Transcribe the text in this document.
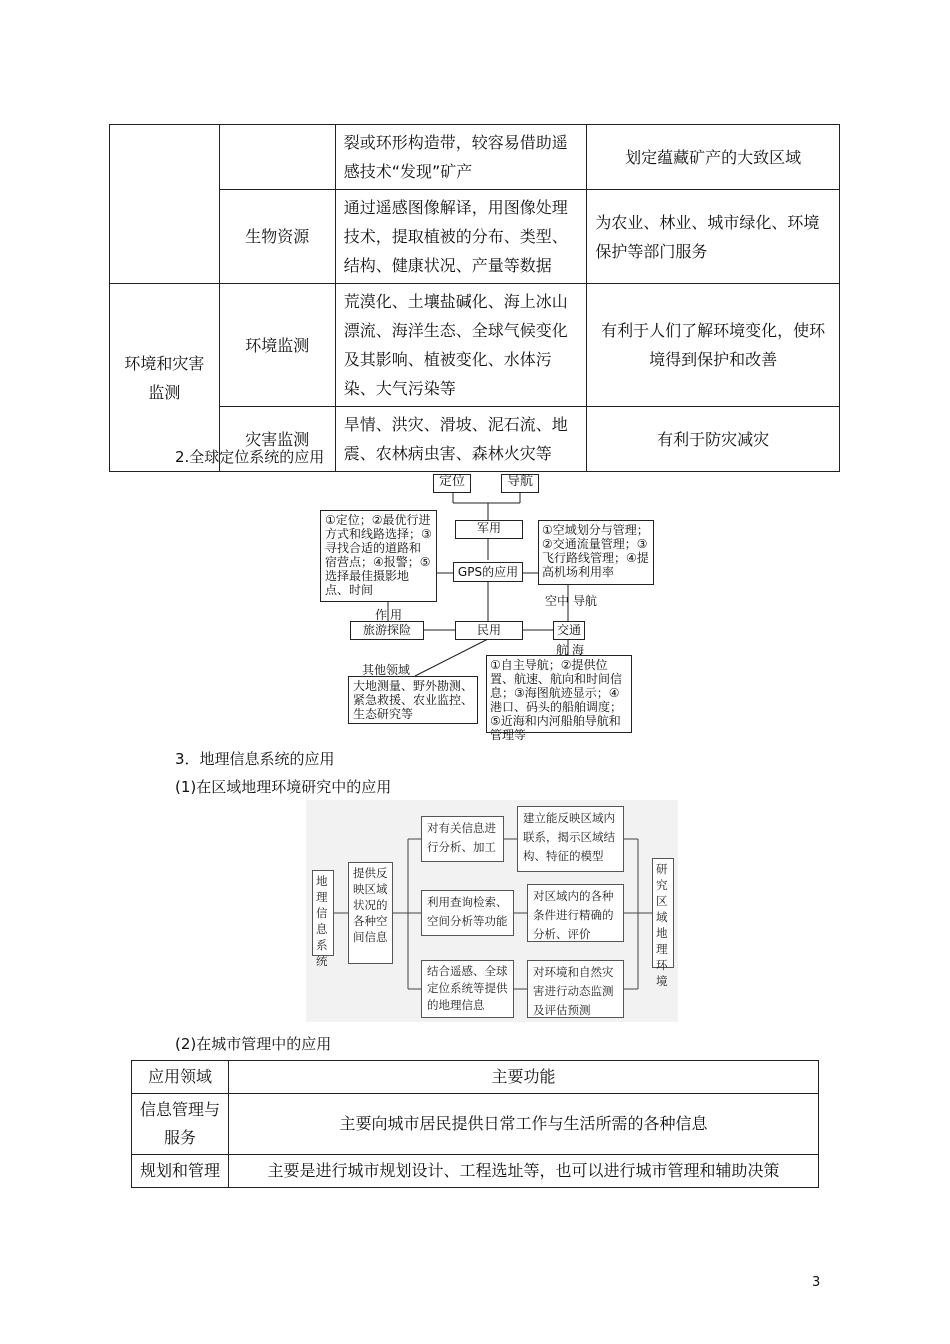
		裂或环形构造带，较容易借助遥感技术“发现”矿产	划定蕴藏矿产的大致区域
	生物资源	通过遥感图像解译，用图像处理技术，提取植被的分布、类型、结构、健康状况、产量等数据	为农业、林业、城市绿化、环境保护等部门服务
环境和灾害监测	环境监测	荒漠化、土壤盐碱化、海上冰山漂流、海洋生态、全球气候变化及其影响、植被变化、水体污染、大气污染等	有利于人们了解环境变化，使环境得到保护和改善
	灾害监测	旱情、洪灾、滑坡、泥石流、地震、农林病虫害、森林火灾等	有利于防灾减灾
2.全球定位系统的应用
定位	导航
军用
GPS的应用
民用
旅游探险	交通
①定位；②最优行进方式和线路选择；③寻找合适的道路和宿营点；④报警；⑤选择最佳摄影地点、时间
①空域划分与管理；②交通流量管理；③飞行路线管理；④提高机场利用率
大地测量、野外勘测、紧急救援、农业监控、生态研究等
①自主导航；②提供位置、航速、航向和时间信息；③海图航迹显示；④港口、码头的船舶调度；⑤近海和内河船舶导航和管理等
作 用
空中 导航
航 海
其他领域
3．地理信息系统的应用
(1)在区域地理环境研究中的应用
地理信息系统
提供反映区域状况的各种空间信息
对有关信息进行分析、加工
利用查询检索、空间分析等功能
结合遥感、全球定位系统等提供的地理信息
建立能反映区域内联系，揭示区域结构、特征的模型
对区域内的各种条件进行精确的分析、评价
对环境和自然灾害进行动态监测及评估预测
研究区域地理环境
(2)在城市管理中的应用
应用领域	主要功能
信息管理与服务	主要向城市居民提供日常工作与生活所需的各种信息
规划和管理	主要是进行城市规划设计、工程选址等，也可以进行城市管理和辅助决策
3
